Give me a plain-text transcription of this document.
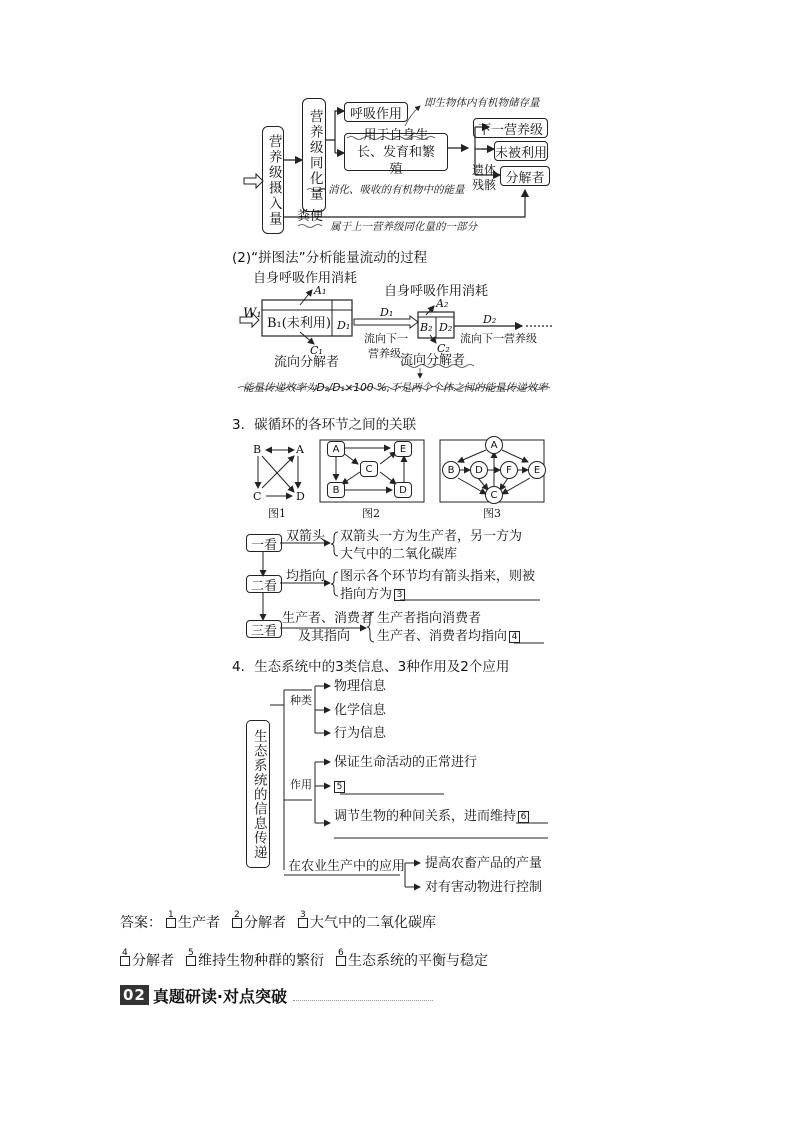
营养级摄入量 营养级同化量 呼吸作用
用于自身生长、发育和繁殖
下一营养级
未被利用
遗体残骸 分解者
粪便
即生物体内有机物储存量
消化、吸收的有机物中的能量
属于上一营养级同化量的一部分
(2)“拼图法”分析能量流动的过程
自身呼吸作用消耗
自身呼吸作用消耗
W₁
A₁
B₁(未利用)
C₁
D₁
D₁
流向下一
营养级
A₂
B₂ D₂
C₂
D₂
流向下一营养级
流向分解者	流向分解者
能量传递效率为D₂/D₁×100 %,不是两个个体之间的能量传递效率
3．碳循环的各环节之间的关联
B	A
C	D
图1
A	E
C
B	D
图2
A
B	D	F	E
C
图3
一看
二看
三看
双箭头 双箭头一方为生产者，另一方为
大气中的二氧化碳库
均指向 图示各个环节均有箭头指来，则被
指向方为 3
生产者、消费者
及其指向
生产者指向消费者
生产者、消费者均指向 4
4．生态系统中的3类信息、3种作用及2个应用
生态系统的信息传递
种类
物理信息
化学信息
行为信息
作用
保证生命活动的正常进行
5
调节生物的种间关系，进而维持 6
在农业生产中的应用 提高农畜产品的产量
对有害动物进行控制
答案： 1 生产者 2 分解者 3 大气中的二氧化碳库
4 分解者 5 维持生物种群的繁衍 6 生态系统的平衡与稳定
02 真题研读·对点突破
